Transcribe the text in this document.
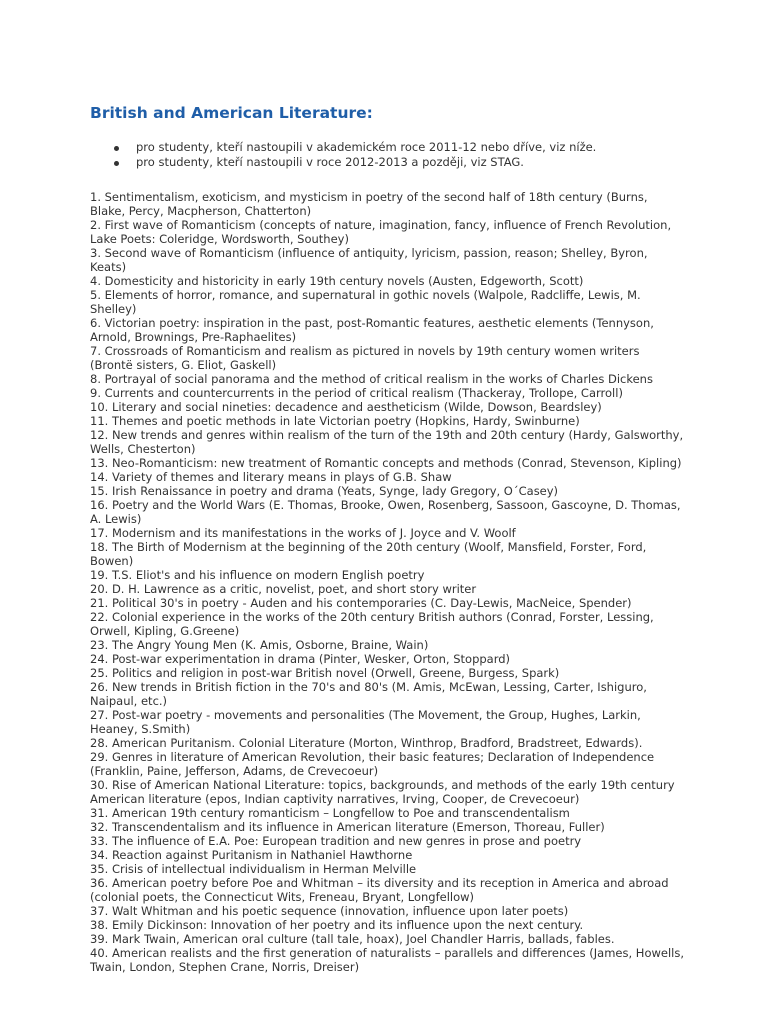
British and American Literature:
pro studenty, kteří nastoupili v akademickém roce 2011-12 nebo dříve, viz níže.
pro studenty, kteří nastoupili v roce 2012-2013 a později, viz STAG.
1. Sentimentalism, exoticism, and mysticism in poetry of the second half of 18th century (Burns, Blake, Percy, Macpherson, Chatterton)
2. First wave of Romanticism (concepts of nature, imagination, fancy, influence of French Revolution, Lake Poets: Coleridge, Wordsworth, Southey)
3. Second wave of Romanticism (influence of antiquity, lyricism, passion, reason; Shelley, Byron, Keats)
4. Domesticity and historicity in early 19th century novels (Austen, Edgeworth, Scott)
5. Elements of horror, romance, and supernatural in gothic novels (Walpole, Radcliffe, Lewis, M. Shelley)
6. Victorian poetry: inspiration in the past, post-Romantic features, aesthetic elements (Tennyson, Arnold, Brownings, Pre-Raphaelites)
7. Crossroads of Romanticism and realism as pictured in novels by 19th century women writers (Brontë sisters, G. Eliot, Gaskell)
8. Portrayal of social panorama and the method of critical realism in the works of Charles Dickens
9. Currents and countercurrents in the period of critical realism (Thackeray, Trollope, Carroll)
10. Literary and social nineties: decadence and aestheticism (Wilde, Dowson, Beardsley)
11. Themes and poetic methods in late Victorian poetry (Hopkins, Hardy, Swinburne)
12. New trends and genres within realism of the turn of the 19th and 20th century (Hardy, Galsworthy, Wells, Chesterton)
13. Neo-Romanticism: new treatment of Romantic concepts and methods (Conrad, Stevenson, Kipling)
14. Variety of themes and literary means in plays of G.B. Shaw
15. Irish Renaissance in poetry and drama (Yeats, Synge, lady Gregory, O´Casey)
16. Poetry and the World Wars (E. Thomas, Brooke, Owen, Rosenberg, Sassoon, Gascoyne, D. Thomas, A. Lewis)
17. Modernism and its manifestations in the works of J. Joyce and V. Woolf
18. The Birth of Modernism at the beginning of the 20th century (Woolf, Mansfield, Forster, Ford, Bowen)
19. T.S. Eliot's and his influence on modern English poetry
20. D. H. Lawrence as a critic, novelist, poet, and short story writer
21. Political 30's in poetry - Auden and his contemporaries (C. Day-Lewis, MacNeice, Spender)
22. Colonial experience in the works of the 20th century British authors (Conrad, Forster, Lessing, Orwell, Kipling, G.Greene)
23. The Angry Young Men (K. Amis, Osborne, Braine, Wain)
24. Post-war experimentation in drama (Pinter, Wesker, Orton, Stoppard)
25. Politics and religion in post-war British novel (Orwell, Greene, Burgess, Spark)
26. New trends in British fiction in the 70's and 80's (M. Amis, McEwan, Lessing, Carter, Ishiguro, Naipaul, etc.)
27. Post-war poetry - movements and personalities (The Movement, the Group, Hughes, Larkin, Heaney, S.Smith)
28. American Puritanism. Colonial Literature (Morton, Winthrop, Bradford, Bradstreet, Edwards).
29. Genres in literature of American Revolution, their basic features; Declaration of Independence (Franklin, Paine, Jefferson, Adams, de Crevecoeur)
30. Rise of American National Literature: topics, backgrounds, and methods of the early 19th century American literature (epos, Indian captivity narratives, Irving, Cooper, de Crevecoeur)
31. American 19th century romanticism – Longfellow to Poe and transcendentalism
32. Transcendentalism and its influence in American literature (Emerson, Thoreau, Fuller)
33. The influence of E.A. Poe: European tradition and new genres in prose and poetry
34. Reaction against Puritanism in Nathaniel Hawthorne
35. Crisis of intellectual individualism in Herman Melville
36. American poetry before Poe and Whitman – its diversity and its reception in America and abroad (colonial poets, the Connecticut Wits, Freneau, Bryant, Longfellow)
37. Walt Whitman and his poetic sequence (innovation, influence upon later poets)
38. Emily Dickinson: Innovation of her poetry and its influence upon the next century.
39. Mark Twain, American oral culture (tall tale, hoax), Joel Chandler Harris, ballads, fables.
40. American realists and the first generation of naturalists – parallels and differences (James, Howells, Twain, London, Stephen Crane, Norris, Dreiser)
